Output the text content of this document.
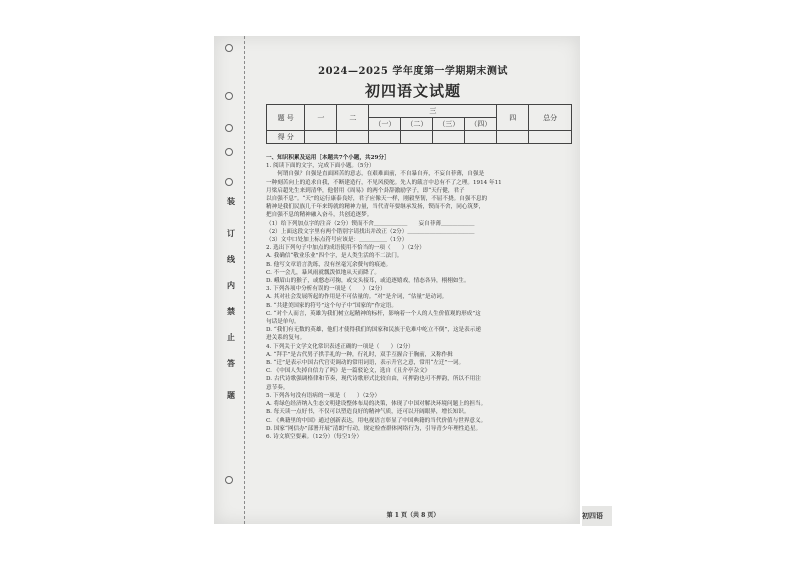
装
订
线
内
禁
止
答
题
2024—2025 学年度第一学期期末测试
初四语文试题
题 号	一	二	三				四	总分
			（一）	（二）	（三）	（四）		
得 分								
一、知识积累及运用［本题共7个小题，共29分］
1. 阅读下面的文字，完成下面小题。（5分）
　　何谓自强？自强是直面困苦的意志，在艰难面前，不自暴自弃，不妄自菲薄，自强是
一种刻苦向上的追求自我，不断建造行，不见风使舵。先人的箴言中总有不了之理。1914 年11
月梁启超先生来到清华，他借用《周易》的两个卦辞激励学子，即“天行健，君子
以自强不息”。“天”的运行康泰良好，君子应像天一样，刚毅坚韧，不屈不挠。自强不息的
精神是我们民族几千年来铸就的精神力量，当代青年要继承发扬，锲而不舍，同心筑梦，
把自强不息的精神融入奋斗，共创追逐梦。
（1）给下列加点字的注音（2分）锲而不舍＿＿＿＿＿＿　　妄自菲薄＿＿＿＿＿＿
（2）上面这段文字里有两个错别字请找出并改正（2分）＿＿＿＿＿＿＿＿＿＿＿＿
（3）文中口处加上标点符号应该是：＿＿＿＿＿（1分）
2. 选出下列句子中加点的成语使用不恰当的一项（　　）（2分）
A. 我确信“敬业乐业”四个字，是人类生活的不二法门。
B. 他写文章语言洗练，没有丝毫冗余赘句的痕迹。
C. 不一会儿，暴风雨就瓢泼似地从天而降了。
D. 峨眉山的猴子，或憨态可掬，或交头接耳，或追逐嬉戏，情态各异，栩栩如生。
3. 下列各项中分析有误的一项是（　　）（2分）
A. 其对社会发展所起的作用是不可估量的。“对”是介词，“估量”是动词。
B. “共建美国家的符号”这个句子中“国家的”作定语。
C. “对个人而言，英雄为我们树立起精神的标杆，影响着一个人的人生价值观的形成”这
句话是单句。
D. “我们有无数的英雄，他们才使得我们的国家和民族于危难中屹立不倒”，这是表示递
进关系的复句。
4. 下列关于文学文化常识表述正确的一项是（　　）（2分）
A. “拜手”是古代男子拱手礼的一种，行礼时，双手互握合于胸前，又称作揖
B. “迁”是表示中国古代官吏调动的常用词语，表示升官之意，常用“左迁”一词。
C. 《中国人失掉自信力了吗》是一篇驳论文，选自《且介亭杂文》
D. 古代诗歌强调格律和节奏，现代诗歌形式比较自由，可押韵也可不押韵，所以不用注
意节奏。
5. 下列各句没有语病的一项是（　　）（2分）
A. 将绿色经济纳入生态文明建设整体布局的决策，体现了中国对解决环境问题上的担当。
B. 每天读一点好书，不仅可以塑造良好的精神气质，还可以开阔眼界，增长知识。
C. 《典籍里的中国》通过创新表达，用电视语言彰显了中国典籍的当代价值与世界意义。
D. 国家“网信办”部署开展“清朗”行动，规定检查群体网络行为，引导青少年理性追星。
6. 诗文填空要素。（12分）（每空1分）
第 1 页（共 8 页）	初四语
